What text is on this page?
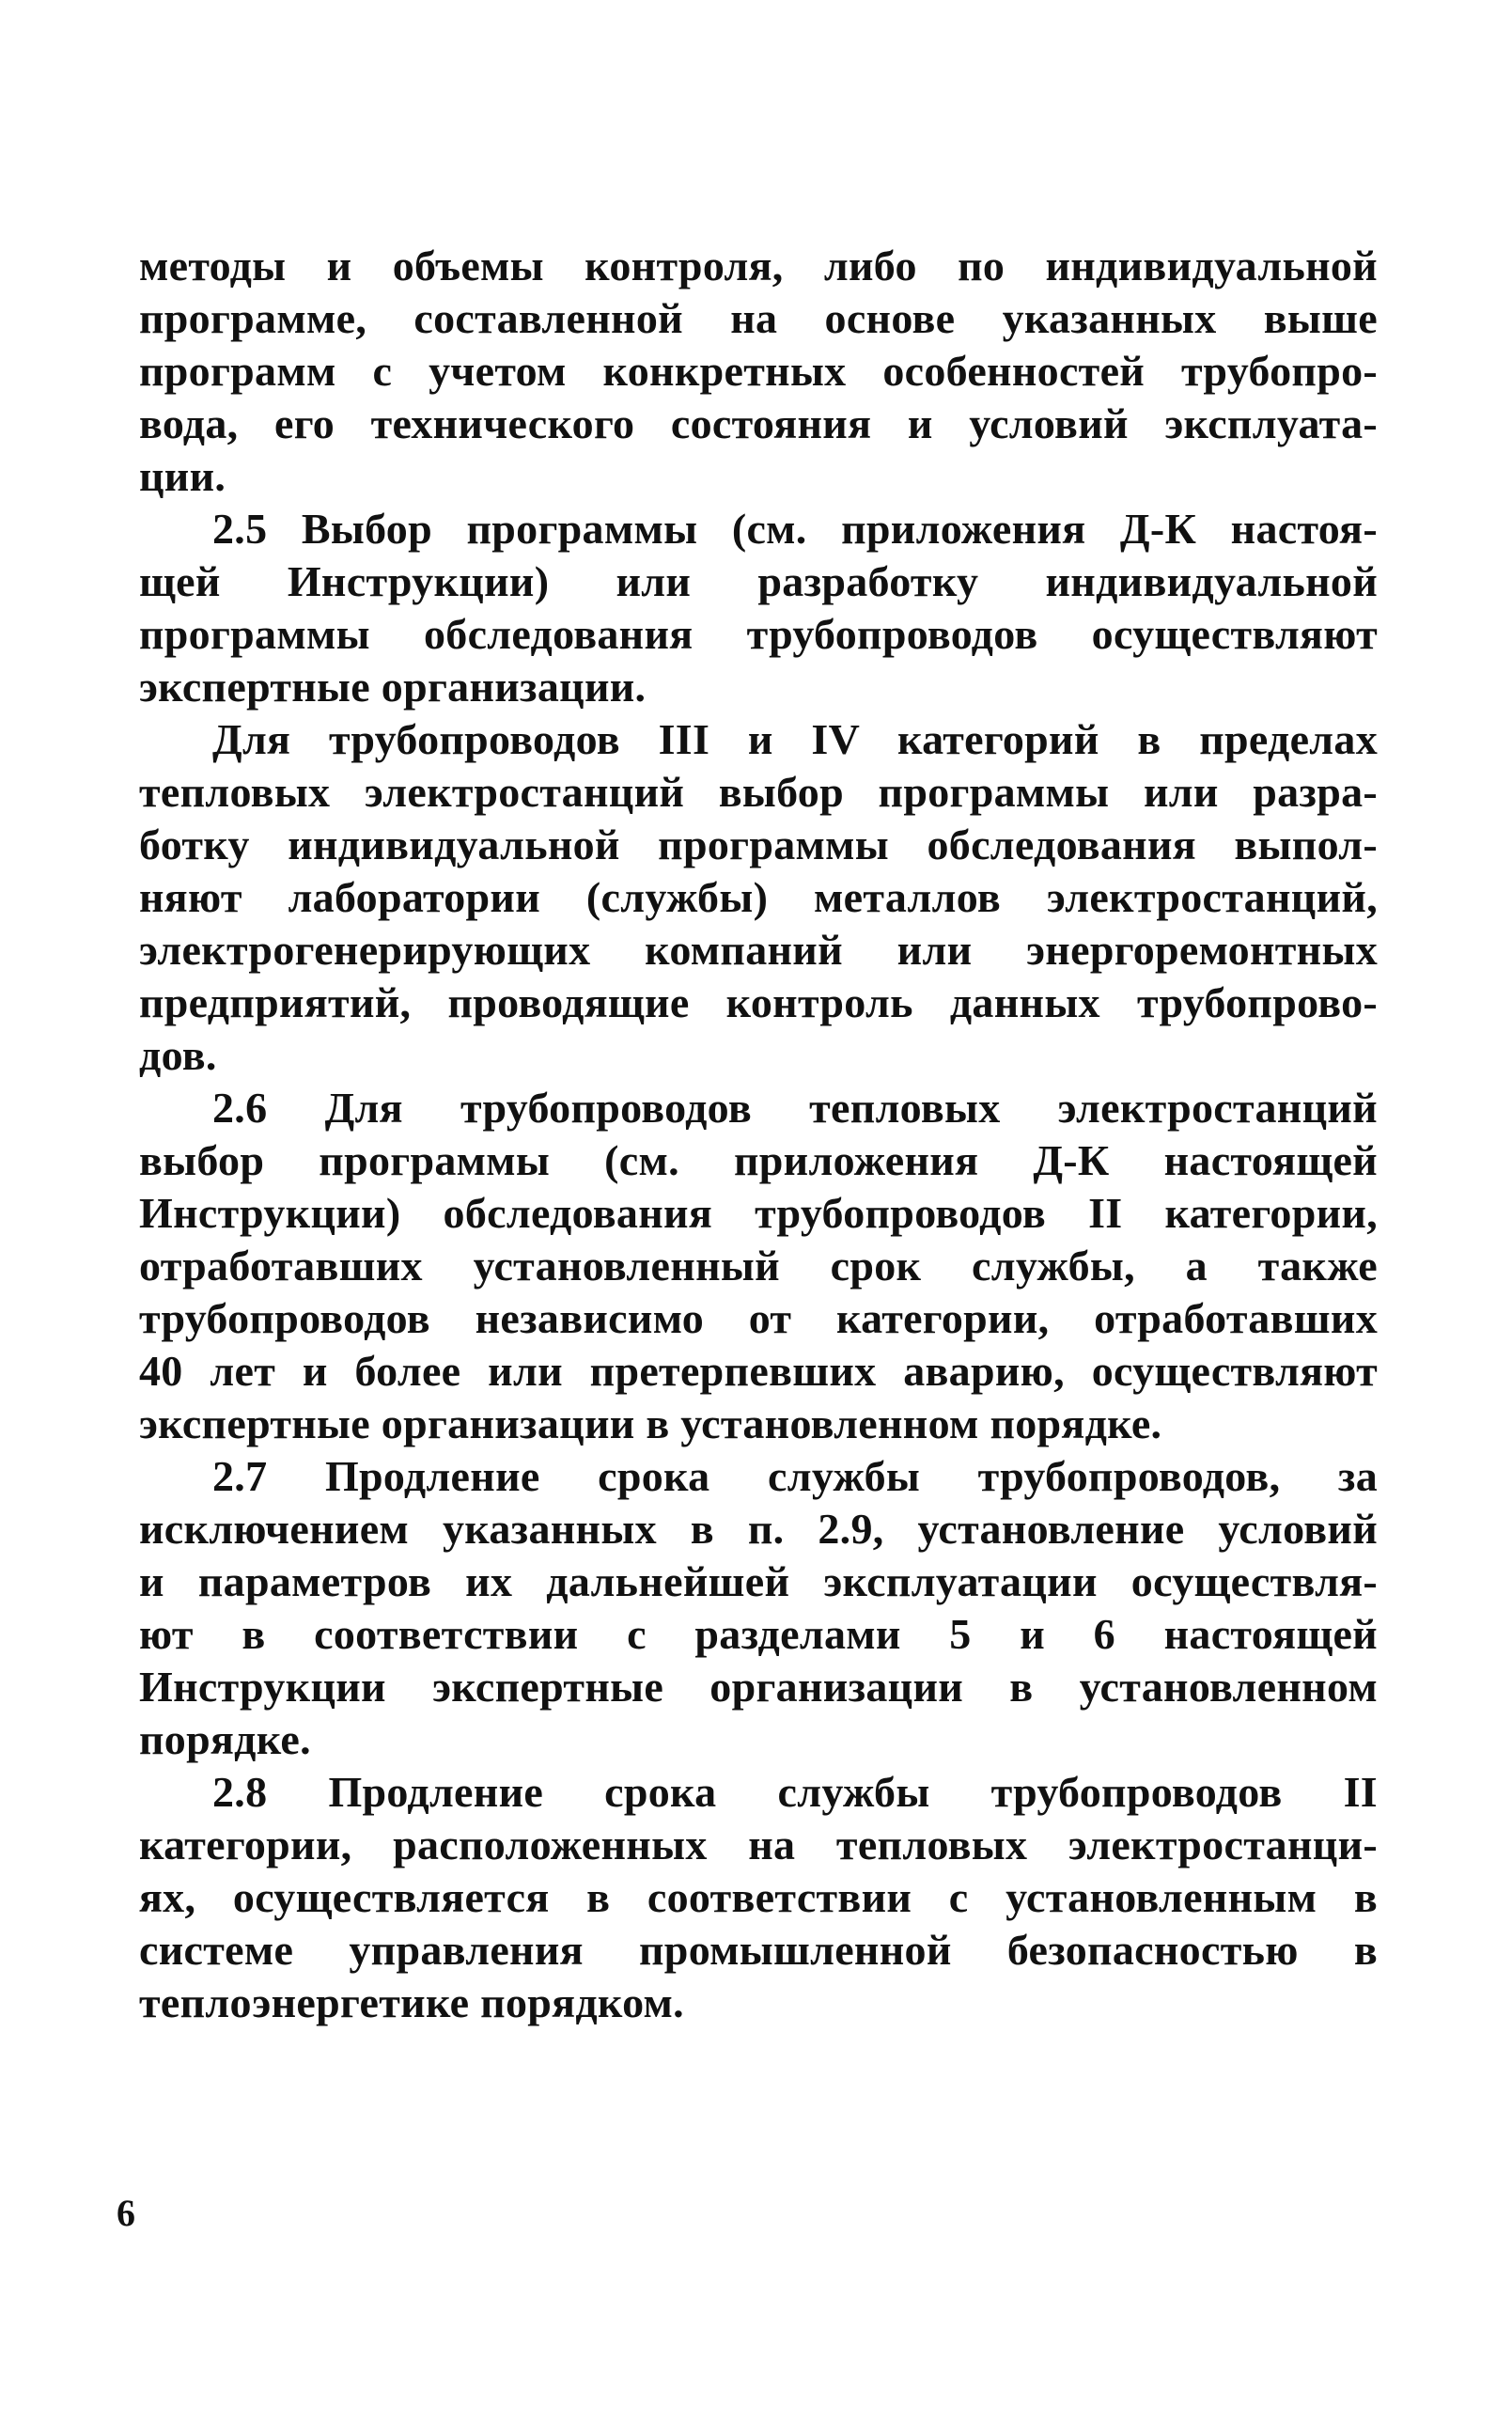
методы и объемы контроля, либо по индивидуальной
программе, составленной на основе указанных выше
программ с учетом конкретных особенностей трубопро-
вода, его технического состояния и условий эксплуата-
ции.
2.5 Выбор программы (см. приложения Д-К настоя-
щей Инструкции) или разработку индивидуальной
программы обследования трубопроводов осуществляют
экспертные организации.
Для трубопроводов III и IV категорий в пределах
тепловых электростанций выбор программы или разра-
ботку индивидуальной программы обследования выпол-
няют лаборатории (службы) металлов электростанций,
электрогенерирующих компаний или энергоремонтных
предприятий, проводящие контроль данных трубопрово-
дов.
2.6 Для трубопроводов тепловых электростанций
выбор программы (см. приложения Д-К настоящей
Инструкции) обследования трубопроводов II категории,
отработавших установленный срок службы, а также
трубопроводов независимо от категории, отработавших
40 лет и более или претерпевших аварию, осуществляют
экспертные организации в установленном порядке.
2.7 Продление срока службы трубопроводов, за
исключением указанных в п. 2.9, установление условий
и параметров их дальнейшей эксплуатации осуществля-
ют в соответствии с разделами 5 и 6 настоящей
Инструкции экспертные организации в установленном
порядке.
2.8 Продление срока службы трубопроводов II
категории, расположенных на тепловых электростанци-
ях, осуществляется в соответствии с установленным в
системе управления промышленной безопасностью в
теплоэнергетике порядком.
6
